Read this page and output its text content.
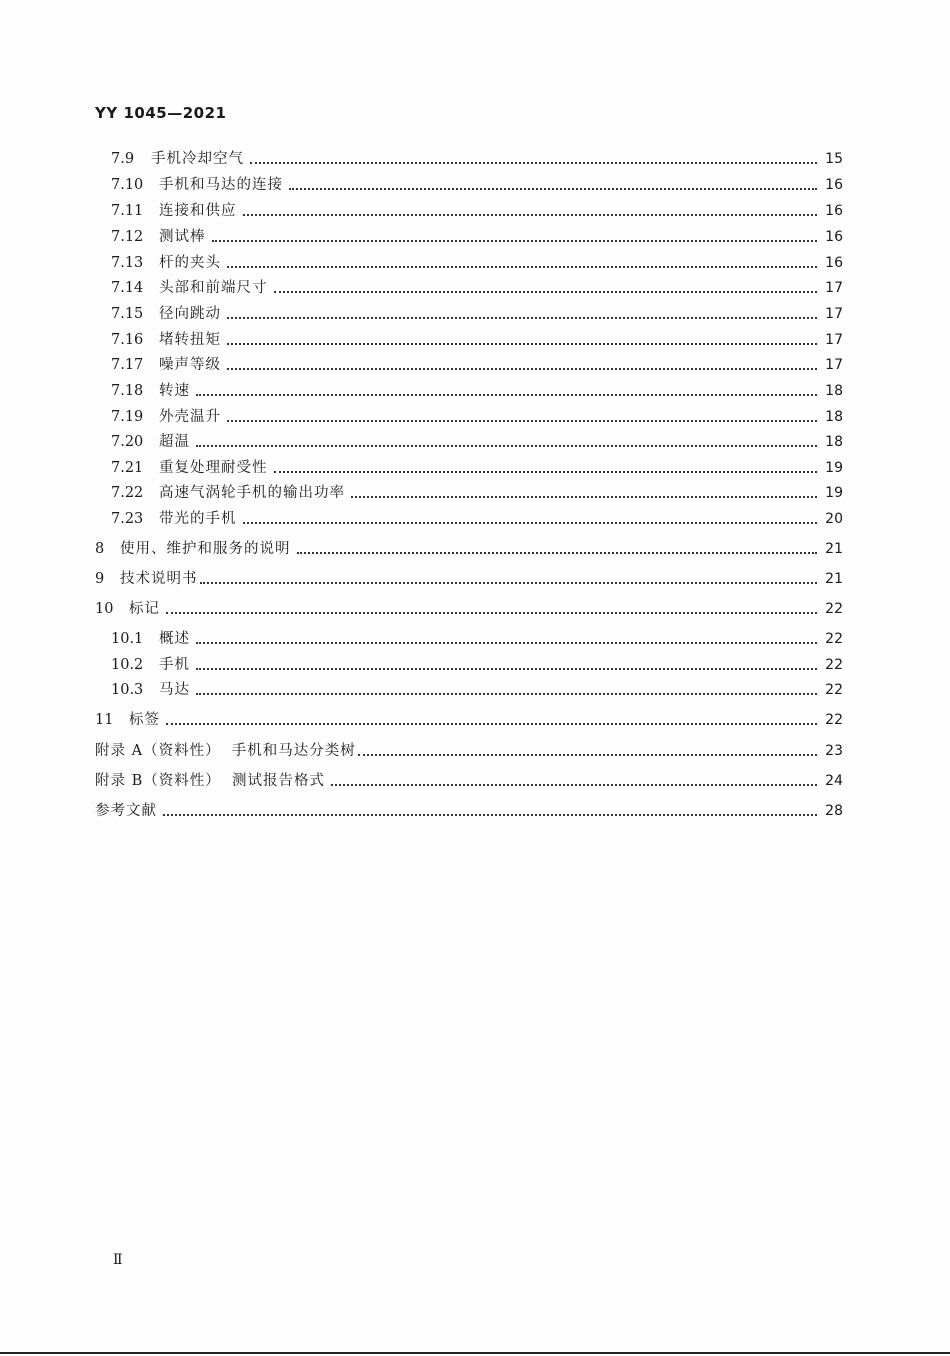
YY 1045—2021
7.9	手机冷却空气	15
7.10	手机和马达的连接	16
7.11	连接和供应	16
7.12	测试棒	16
7.13	杆的夹头	16
7.14	头部和前端尺寸	17
7.15	径向跳动	17
7.16	堵转扭矩	17
7.17	噪声等级	17
7.18	转速	18
7.19	外壳温升	18
7.20	超温	18
7.21	重复处理耐受性	19
7.22	高速气涡轮手机的输出功率	19
7.23	带光的手机	20
8	使用、维护和服务的说明	21
9	技术说明书	21
10	标记	22
10.1	概述	22
10.2	手机	22
10.3	马达	22
11	标签	22
附录 A（资料性）  手机和马达分类树	23
附录 B（资料性）  测试报告格式	24
参考文献	28
Ⅱ
